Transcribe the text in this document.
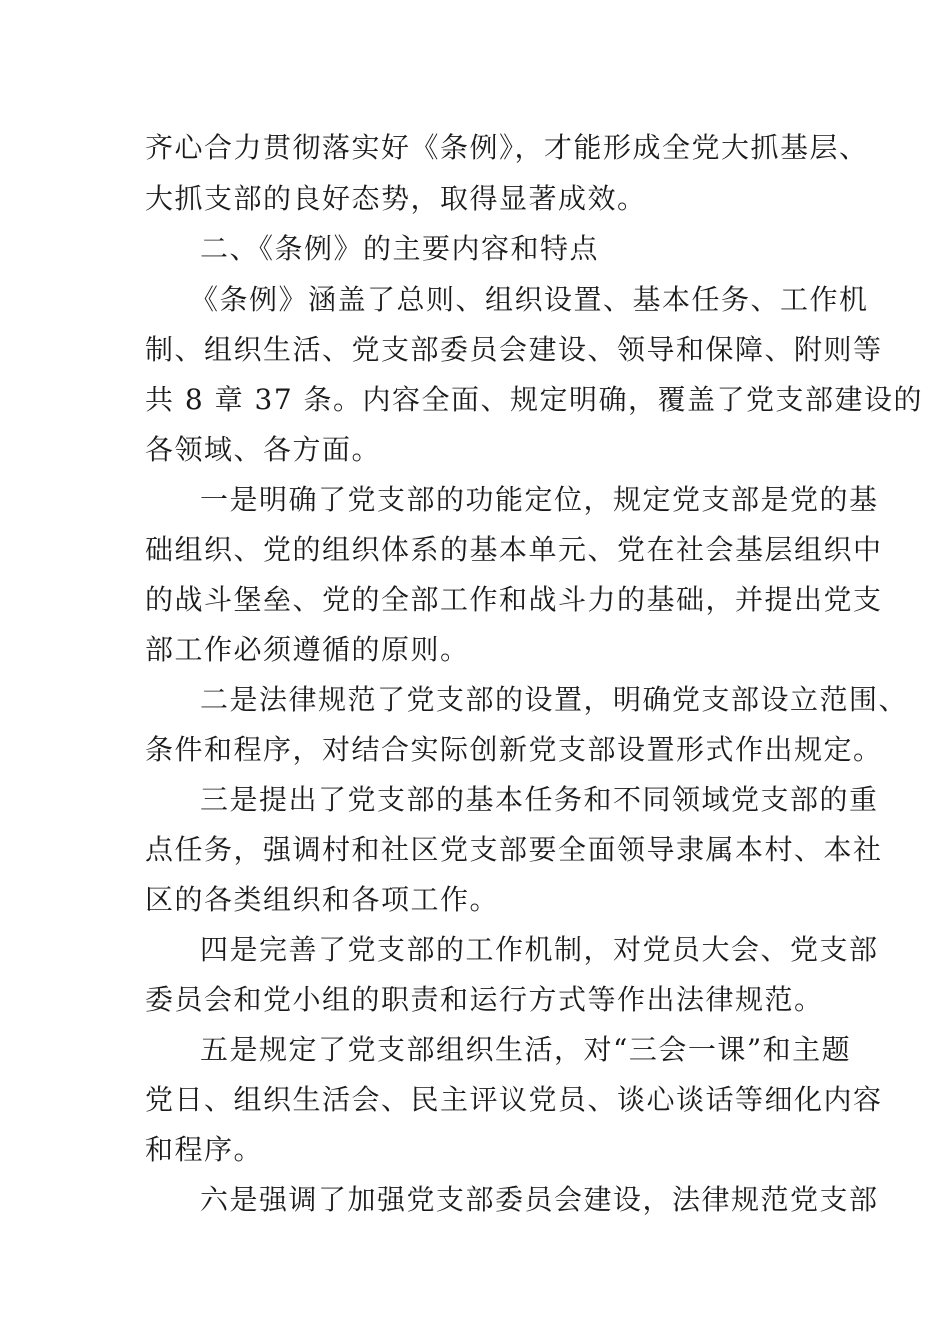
齐心合力贯彻落实好《条例》，才能形成全党大抓基层、
大抓支部的良好态势，取得显著成效。
二、《条例》的主要内容和特点
《条例》涵盖了总则、组织设置、基本任务、工作机
制、组织生活、党支部委员会建设、领导和保障、附则等
共 8 章 37 条。内容全面、规定明确，覆盖了党支部建设的
各领域、各方面。
一是明确了党支部的功能定位，规定党支部是党的基
础组织、党的组织体系的基本单元、党在社会基层组织中
的战斗堡垒、党的全部工作和战斗力的基础，并提出党支
部工作必须遵循的原则。
二是法律规范了党支部的设置，明确党支部设立范围、
条件和程序，对结合实际创新党支部设置形式作出规定。
三是提出了党支部的基本任务和不同领域党支部的重
点任务，强调村和社区党支部要全面领导隶属本村、本社
区的各类组织和各项工作。
四是完善了党支部的工作机制，对党员大会、党支部
委员会和党小组的职责和运行方式等作出法律规范。
五是规定了党支部组织生活，对“三会一课”和主题
党日、组织生活会、民主评议党员、谈心谈话等细化内容
和程序。
六是强调了加强党支部委员会建设，法律规范党支部
